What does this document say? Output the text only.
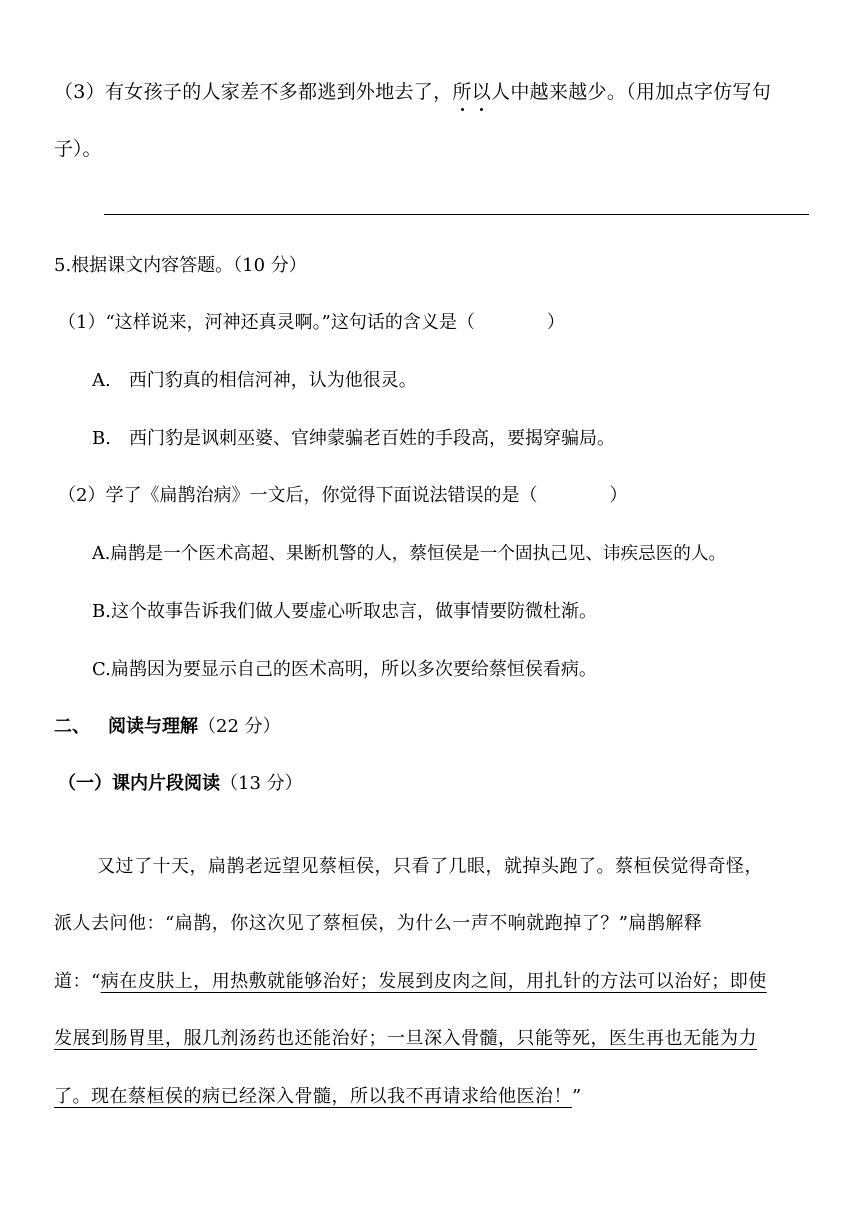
（3）有女孩子的人家差不多都逃到外地去了，所以人中越来越少。（用加点字仿写句
子）。
5.根据课文内容答题。（10 分）
（1）“这样说来，河神还真灵啊。”这句话的含义是（　　　　）
A.　西门豹真的相信河神，认为他很灵。
B.　西门豹是讽刺巫婆、官绅蒙骗老百姓的手段高，要揭穿骗局。
（2）学了《扁鹊治病》一文后，你觉得下面说法错误的是（　　　　）
A.扁鹊是一个医术高超、果断机警的人，蔡恒侯是一个固执己见、讳疾忌医的人。
B.这个故事告诉我们做人要虚心听取忠言，做事情要防微杜渐。
C.扁鹊因为要显示自己的医术高明，所以多次要给蔡恒侯看病。
二、 阅读与理解（22 分）
（一）课内片段阅读（13 分）
又过了十天，扁鹊老远望见蔡桓侯，只看了几眼，就掉头跑了。蔡桓侯觉得奇怪，
派人去问他：“扁鹊，你这次见了蔡桓侯，为什么一声不响就跑掉了？”扁鹊解释
道：“病在皮肤上，用热敷就能够治好；发展到皮肉之间，用扎针的方法可以治好；即使
发展到肠胃里，服几剂汤药也还能治好；一旦深入骨髓，只能等死，医生再也无能为力
了。现在蔡桓侯的病已经深入骨髓，所以我不再请求给他医治！”
